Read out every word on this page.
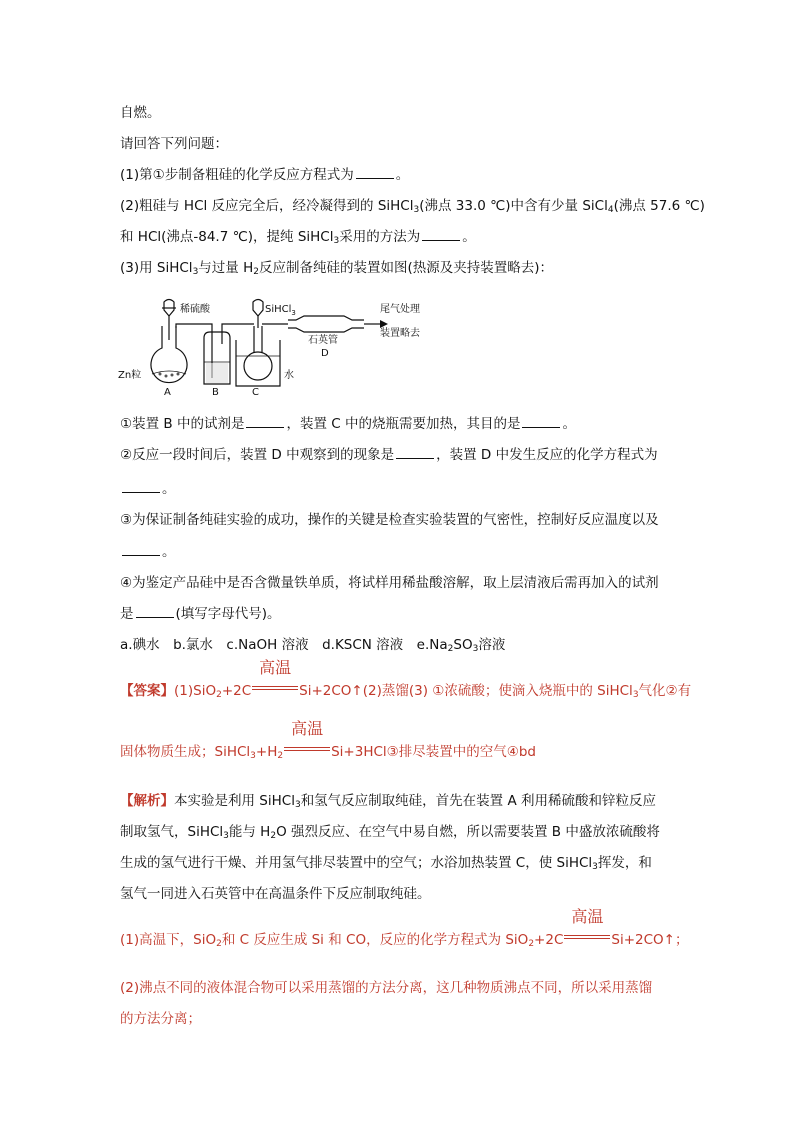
自燃。
请回答下列问题：
(1)第①步制备粗硅的化学反应方程式为	。
(2)粗硅与 HCl 反应完全后，经冷凝得到的 SiHCl$_3$(沸点 33.0 ℃)中含有少量 SiCl$_4$(沸点 57.6 ℃)
和 HCl(沸点-84.7 ℃)，提纯 SiHCl$_3$采用的方法为	。
(3)用 SiHCl$_3$与过量 $H_2$反应制备纯硅的装置如图(热源及夹持装置略去)：
稀硫酸	SiHCl$_3$
石英管
D
尾气处理
装置略去
Zn粒	水
A	B	C
①装置 B 中的试剂是	，装置 C 中的烧瓶需要加热，其目的是	。
②反应一段时间后，装置 D 中观察到的现象是	，装置 D 中发生反应的化学方程式为
。
③为保证制备纯硅实验的成功，操作的关键是检查实验装置的气密性，控制好反应温度以及
。
④为鉴定产品硅中是否含微量铁单质，将试样用稀盐酸溶解，取上层清液后需再加入的试剂
是	(填写字母代号)。
a.碘水　b.氯水　c.NaOH 溶液　d.KSCN 溶液　$e.Na_2SO_3$溶液
【答案】(1)SiO$_2$+2C
高温
Si+2CO↑(2)蒸馏(3) ①浓硫酸；使滴入烧瓶中的 SiHCl$_3$气化②有
固体物质生成；$SiHCl_3+H_2$
高温
Si+3HCl③排尽装置中的空气④bd
【解析】本实验是利用 SiHCl$_3$和氢气反应制取纯硅，首先在装置 A 利用稀硫酸和锌粒反应
制取氢气，SiHCl$_3$能与 $H_2O$ 强烈反应、在空气中易自燃，所以需要装置 B 中盛放浓硫酸将
生成的氢气进行干燥、并用氢气排尽装置中的空气；水浴加热装置 C，使 SiHCl$_3$挥发，和
氢气一同进入石英管中在高温条件下反应制取纯硅。
(1)高温下，SiO$_2$和 C 反应生成 Si 和 CO，反应的化学方程式为 SiO$_2$+2C
高温
Si+2CO↑；
(2)沸点不同的液体混合物可以采用蒸馏的方法分离，这几种物质沸点不同，所以采用蒸馏
的方法分离；
